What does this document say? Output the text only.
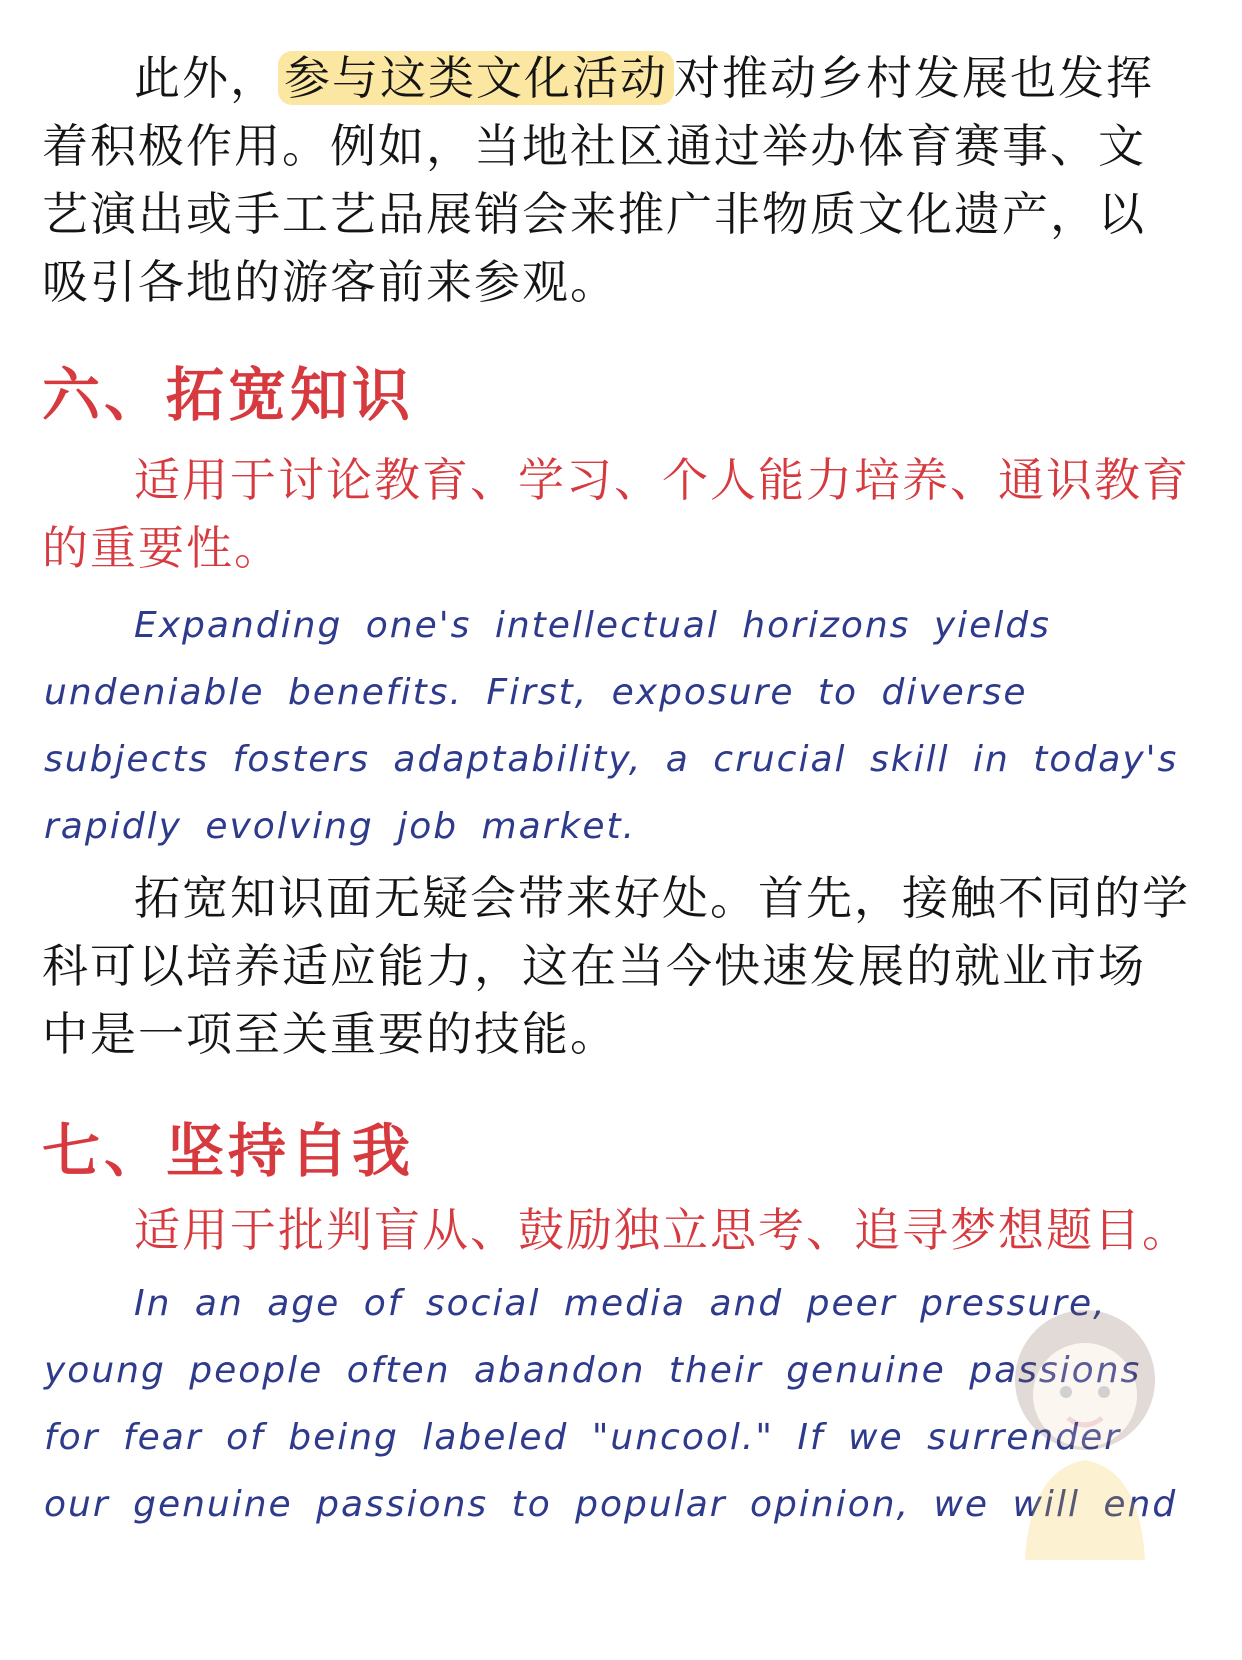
此外， 参与这类文化活动 对推动乡村发展也发挥着积极作用。例如，当地社区通过举办体育赛事、文艺演出或手工艺品展销会来推广非物质文化遗产，以吸引各地的游客前来参观。

六、拓宽知识

适用于讨论教育、学习、个人能力培养、通识教育的重要性。

Expanding one's intellectual horizons yields undeniable benefits. First, exposure to diverse subjects fosters adaptability, a crucial skill in today's rapidly evolving job market.

拓宽知识面无疑会带来好处。首先，接触不同的学科可以培养适应能力，这在当今快速发展的就业市场中是一项至关重要的技能。

七、坚持自我

适用于批判盲从、鼓励独立思考、追寻梦想题目。

In an age of social media and peer pressure, young people often abandon their genuine passions for fear of being labeled "uncool." If we surrender our genuine passions to popular opinion, we will end
